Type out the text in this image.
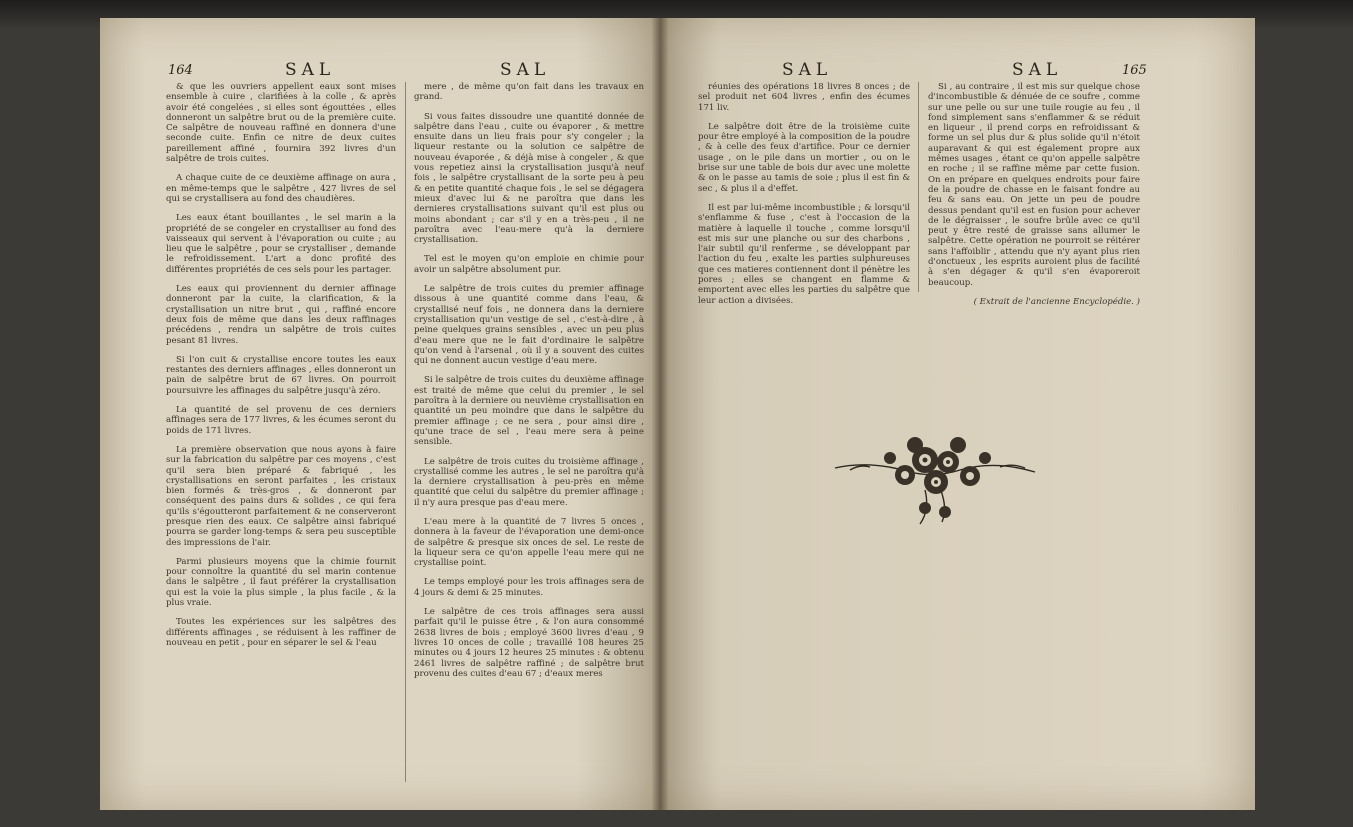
164	SAL	SAL	SAL	SAL	165

& que les ouvriers appellent eaux sont mises ensemble à cuire , clarifiées à la colle , & après avoir été congelées , si elles sont égouttées , elles donneront un salpêtre brut ou de la première cuite. Ce salpêtre de nouveau raffiné en donnera d'une seconde cuite. Enfin ce nitre de deux cuites pareillement affiné , fournira 392 livres d'un salpêtre de trois cuites.

A chaque cuite de ce deuxième affinage on aura , en même-temps que le salpêtre , 427 livres de sel qui se crystallisera au fond des chaudières.

Les eaux étant bouillantes , le sel marin a la propriété de se congeler en crystalliser au fond des vaisseaux qui servent à l'évaporation ou cuite ; au lieu que le salpêtre , pour se crystalliser , demande le refroidissement. L'art a donc profité des différentes propriétés de ces sels pour les partager.

Les eaux qui proviennent du dernier affinage donneront par la cuite, la clarification, & la crystallisation un nitre brut , qui , raffiné encore deux fois de même que dans les deux raffinages précédens , rendra un salpêtre de trois cuites pesant 81 livres.

Si l'on cuit & crystallise encore toutes les eaux restantes des derniers affinages , elles donneront un pain de salpêtre brut de 67 livres. On pourroit poursuivre les affinages du salpêtre jusqu'à zéro.

La quantité de sel provenu de ces derniers affinages sera de 177 livres, & les écumes seront du poids de 171 livres.

La première observation que nous ayons à faire sur la fabrication du salpêtre par ces moyens , c'est qu'il sera bien préparé & fabriqué , les crystallisations en seront parfaites , les cristaux bien formés & très-gros , & donneront par conséquent des pains durs & solides , ce qui fera qu'ils s'égoutteront parfaitement & ne conserveront presque rien des eaux. Ce salpêtre ainsi fabriqué pourra se garder long-temps & sera peu susceptible des impressions de l'air.

Parmi plusieurs moyens que la chimie fournit pour connoître la quantité du sel marin contenue dans le salpêtre , il faut préférer la crystallisation qui est la voie la plus simple , la plus facile , & la plus vraie.

Toutes les expériences sur les salpêtres des différents affinages , se réduisent à les raffiner de nouveau en petit , pour en séparer le sel & l'eau

mere , de même qu'on fait dans les travaux en grand.

Si vous faites dissoudre une quantité donnée de salpêtre dans l'eau , cuite ou évaporer , & mettre ensuite dans un lieu frais pour s'y congeler ; la liqueur restante ou la solution ce salpêtre de nouveau évaporée , & déjà mise à congeler , & que vous repetiez ainsi la crystallisation jusqu'à neuf fois , le salpêtre crystallisant de la sorte peu à peu & en petite quantité chaque fois , le sel se dégagera mieux d'avec lui & ne paroîtra que dans les dernieres crystallisations suivant qu'il est plus ou moins abondant ; car s'il y en a très-peu , il ne paroîtra avec l'eau-mere qu'à la derniere crystallisation.

Tel est le moyen qu'on emploie en chimie pour avoir un salpêtre absolument pur.

Le salpêtre de trois cuites du premier affinage dissous à une quantité comme dans l'eau, & crystallisé neuf fois , ne donnera dans la derniere crystallisation qu'un vestige de sel , c'est-à-dire , à peine quelques grains sensibles , avec un peu plus d'eau mere que ne le fait d'ordinaire le salpêtre qu'on vend à l'arsenal , où il y a souvent des cuites qui ne donnent aucun vestige d'eau mere.

Si le salpêtre de trois cuites du deuxième affinage est traité de même que celui du premier , le sel paroîtra à la derniere ou neuvième crystallisation en quantité un peu moindre que dans le salpêtre du premier affinage ; ce ne sera , pour ainsi dire , qu'une trace de sel , l'eau mere sera à peine sensible.

Le salpêtre de trois cuites du troisième affinage , crystallisé comme les autres , le sel ne paroîtra qu'à la derniere crystallisation à peu-près en même quantité que celui du salpêtre du premier affinage ; il n'y aura presque pas d'eau mere.

L'eau mere à la quantité de 7 livres 5 onces , donnera à la faveur de l'évaporation une demi-once de salpêtre & presque six onces de sel. Le reste de la liqueur sera ce qu'on appelle l'eau mere qui ne crystallise point.

Le temps employé pour les trois affinages sera de 4 jours & demi & 25 minutes.

Le salpêtre de ces trois affinages sera aussi parfait qu'il le puisse être , & l'on aura consommé 2638 livres de bois ; employé 3600 livres d'eau , 9 livres 10 onces de colle ; travaillé 108 heures 25 minutes ou 4 jours 12 heures 25 minutes : & obtenu 2461 livres de salpêtre raffiné ; de salpêtre brut provenu des cuites d'eau 67 ; d'eaux meres

réunies des opérations 18 livres 8 onces ; de sel produit net 604 livres , enfin des écumes 171 liv.

Le salpêtre doit être de la troisième cuite pour être employé à la composition de la poudre , & à celle des feux d'artifice. Pour ce dernier usage , on le pile dans un mortier , ou on le brise sur une table de bois dur avec une molette & on le passe au tamis de soie ; plus il est fin & sec , & plus il a d'effet.

Il est par lui-même incombustible ; & lorsqu'il s'enflamme & fuse , c'est à l'occasion de la matière à laquelle il touche , comme lorsqu'il est mis sur une planche ou sur des charbons , l'air subtil qu'il renferme , se développant par l'action du feu , exalte les parties sulphureuses que ces matieres contiennent dont il pénètre les pores ; elles se changent en flamme & emportent avec elles les parties du salpêtre que leur action a divisées.

Si , au contraire , il est mis sur quelque chose d'incombustible & dénuée de ce soufre , comme sur une pelle ou sur une tuile rougie au feu , il fond simplement sans s'enflammer & se réduit en liqueur , il prend corps en refroidissant & forme un sel plus dur & plus solide qu'il n'étoit auparavant & qui est également propre aux mêmes usages , étant ce qu'on appelle salpêtre en roche ; il se raffine même par cette fusion. On en prépare en quelques endroits pour faire de la poudre de chasse en le faisant fondre au feu & sans eau. On jette un peu de poudre dessus pendant qu'il est en fusion pour achever de le dégraisser , le soufre brûle avec ce qu'il peut y être resté de graisse sans allumer le salpêtre. Cette opération ne pourroit se réitérer sans l'affoiblir , attendu que n'y ayant plus rien d'onctueux , les esprits auroient plus de facilité à s'en dégager & qu'il s'en évaporeroit beaucoup.

( Extrait de l'ancienne Encyclopédie. )
